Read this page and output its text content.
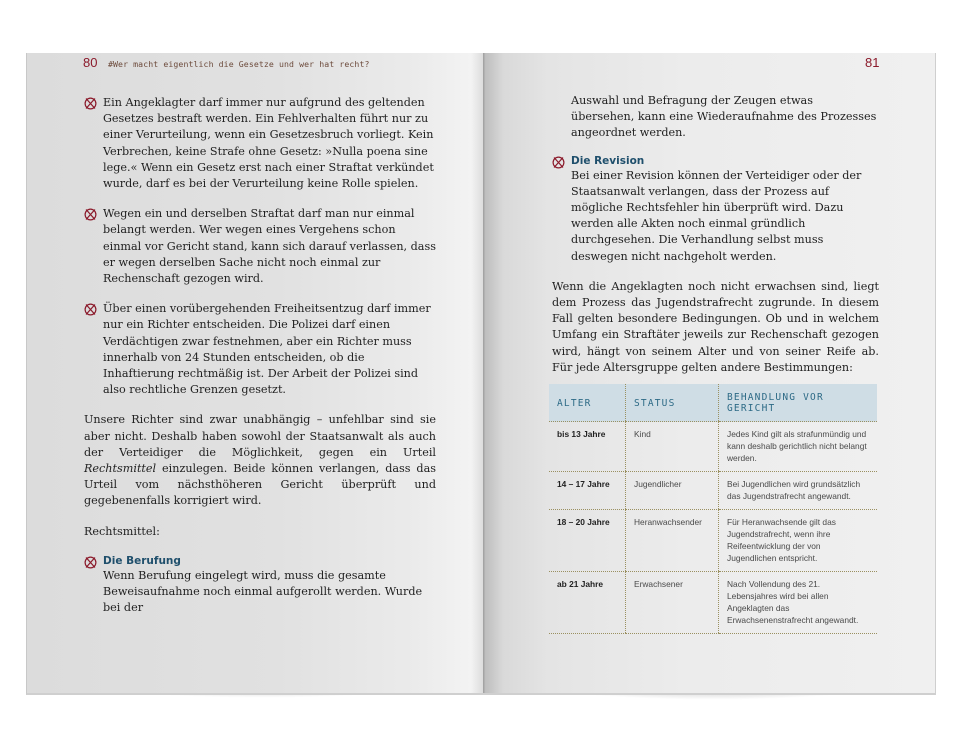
80 #Wer macht eigentlich die Gesetze und wer hat recht?
Ein Angeklagter darf immer nur aufgrund des geltenden Gesetzes bestraft werden. Ein Fehlverhalten führt nur zu einer Verurteilung, wenn ein Gesetzesbruch vorliegt. Kein Verbrechen, keine Strafe ohne Gesetz: »Nulla poena sine lege.« Wenn ein Gesetz erst nach einer Straftat verkündet wurde, darf es bei der Verurteilung keine Rolle spielen.
Wegen ein und derselben Straftat darf man nur einmal belangt werden. Wer wegen eines Vergehens schon einmal vor Gericht stand, kann sich darauf verlassen, dass er wegen derselben Sache nicht noch einmal zur Rechenschaft gezogen wird.
Über einen vorübergehenden Freiheitsentzug darf immer nur ein Richter entscheiden. Die Polizei darf einen Verdächtigen zwar festnehmen, aber ein Richter muss innerhalb von 24 Stunden entscheiden, ob die Inhaftierung rechtmäßig ist. Der Arbeit der Polizei sind also rechtliche Grenzen gesetzt.

Unsere Richter sind zwar unabhängig – unfehlbar sind sie aber nicht. Deshalb haben sowohl der Staatsanwalt als auch der Verteidiger die Möglichkeit, gegen ein Urteil Rechtsmittel einzulegen. Beide können verlangen, dass das Urteil vom nächsthöheren Gericht überprüft und gegebenenfalls korrigiert wird.

Rechtsmittel:
Die Berufung
Wenn Berufung eingelegt wird, muss die gesamte Beweisaufnahme noch einmal aufgerollt werden. Wurde bei der
81
Auswahl und Befragung der Zeugen etwas übersehen, kann eine Wiederaufnahme des Prozesses angeordnet werden.
Die Revision
Bei einer Revision können der Verteidiger oder der Staatsanwalt verlangen, dass der Prozess auf mögliche Rechtsfehler hin überprüft wird. Dazu werden alle Akten noch einmal gründlich durchgesehen. Die Verhandlung selbst muss deswegen nicht nachgeholt werden.

Wenn die Angeklagten noch nicht erwachsen sind, liegt dem Prozess das Jugendstrafrecht zugrunde. In diesem Fall gelten besondere Bedingungen. Ob und in welchem Umfang ein Straftäter jeweils zur Rechenschaft gezogen wird, hängt von seinem Alter und von seiner Reife ab. Für jede Altersgruppe gelten andere Bestimmungen:

ALTER	STATUS	BEHANDLUNG VOR GERICHT
bis 13 Jahre	Kind	Jedes Kind gilt als strafunmündig und kann deshalb gerichtlich nicht belangt werden.
14 – 17 Jahre	Jugendlicher	Bei Jugendlichen wird grundsätzlich das Jugendstrafrecht angewandt.
18 – 20 Jahre	Heranwachsender	Für Heranwachsende gilt das Jugendstrafrecht, wenn ihre Reifeentwicklung der von Jugendlichen entspricht.
ab 21 Jahre	Erwachsener	Nach Vollendung des 21. Lebensjahres wird bei allen Angeklagten das Erwachsenenstrafrecht angewandt.
